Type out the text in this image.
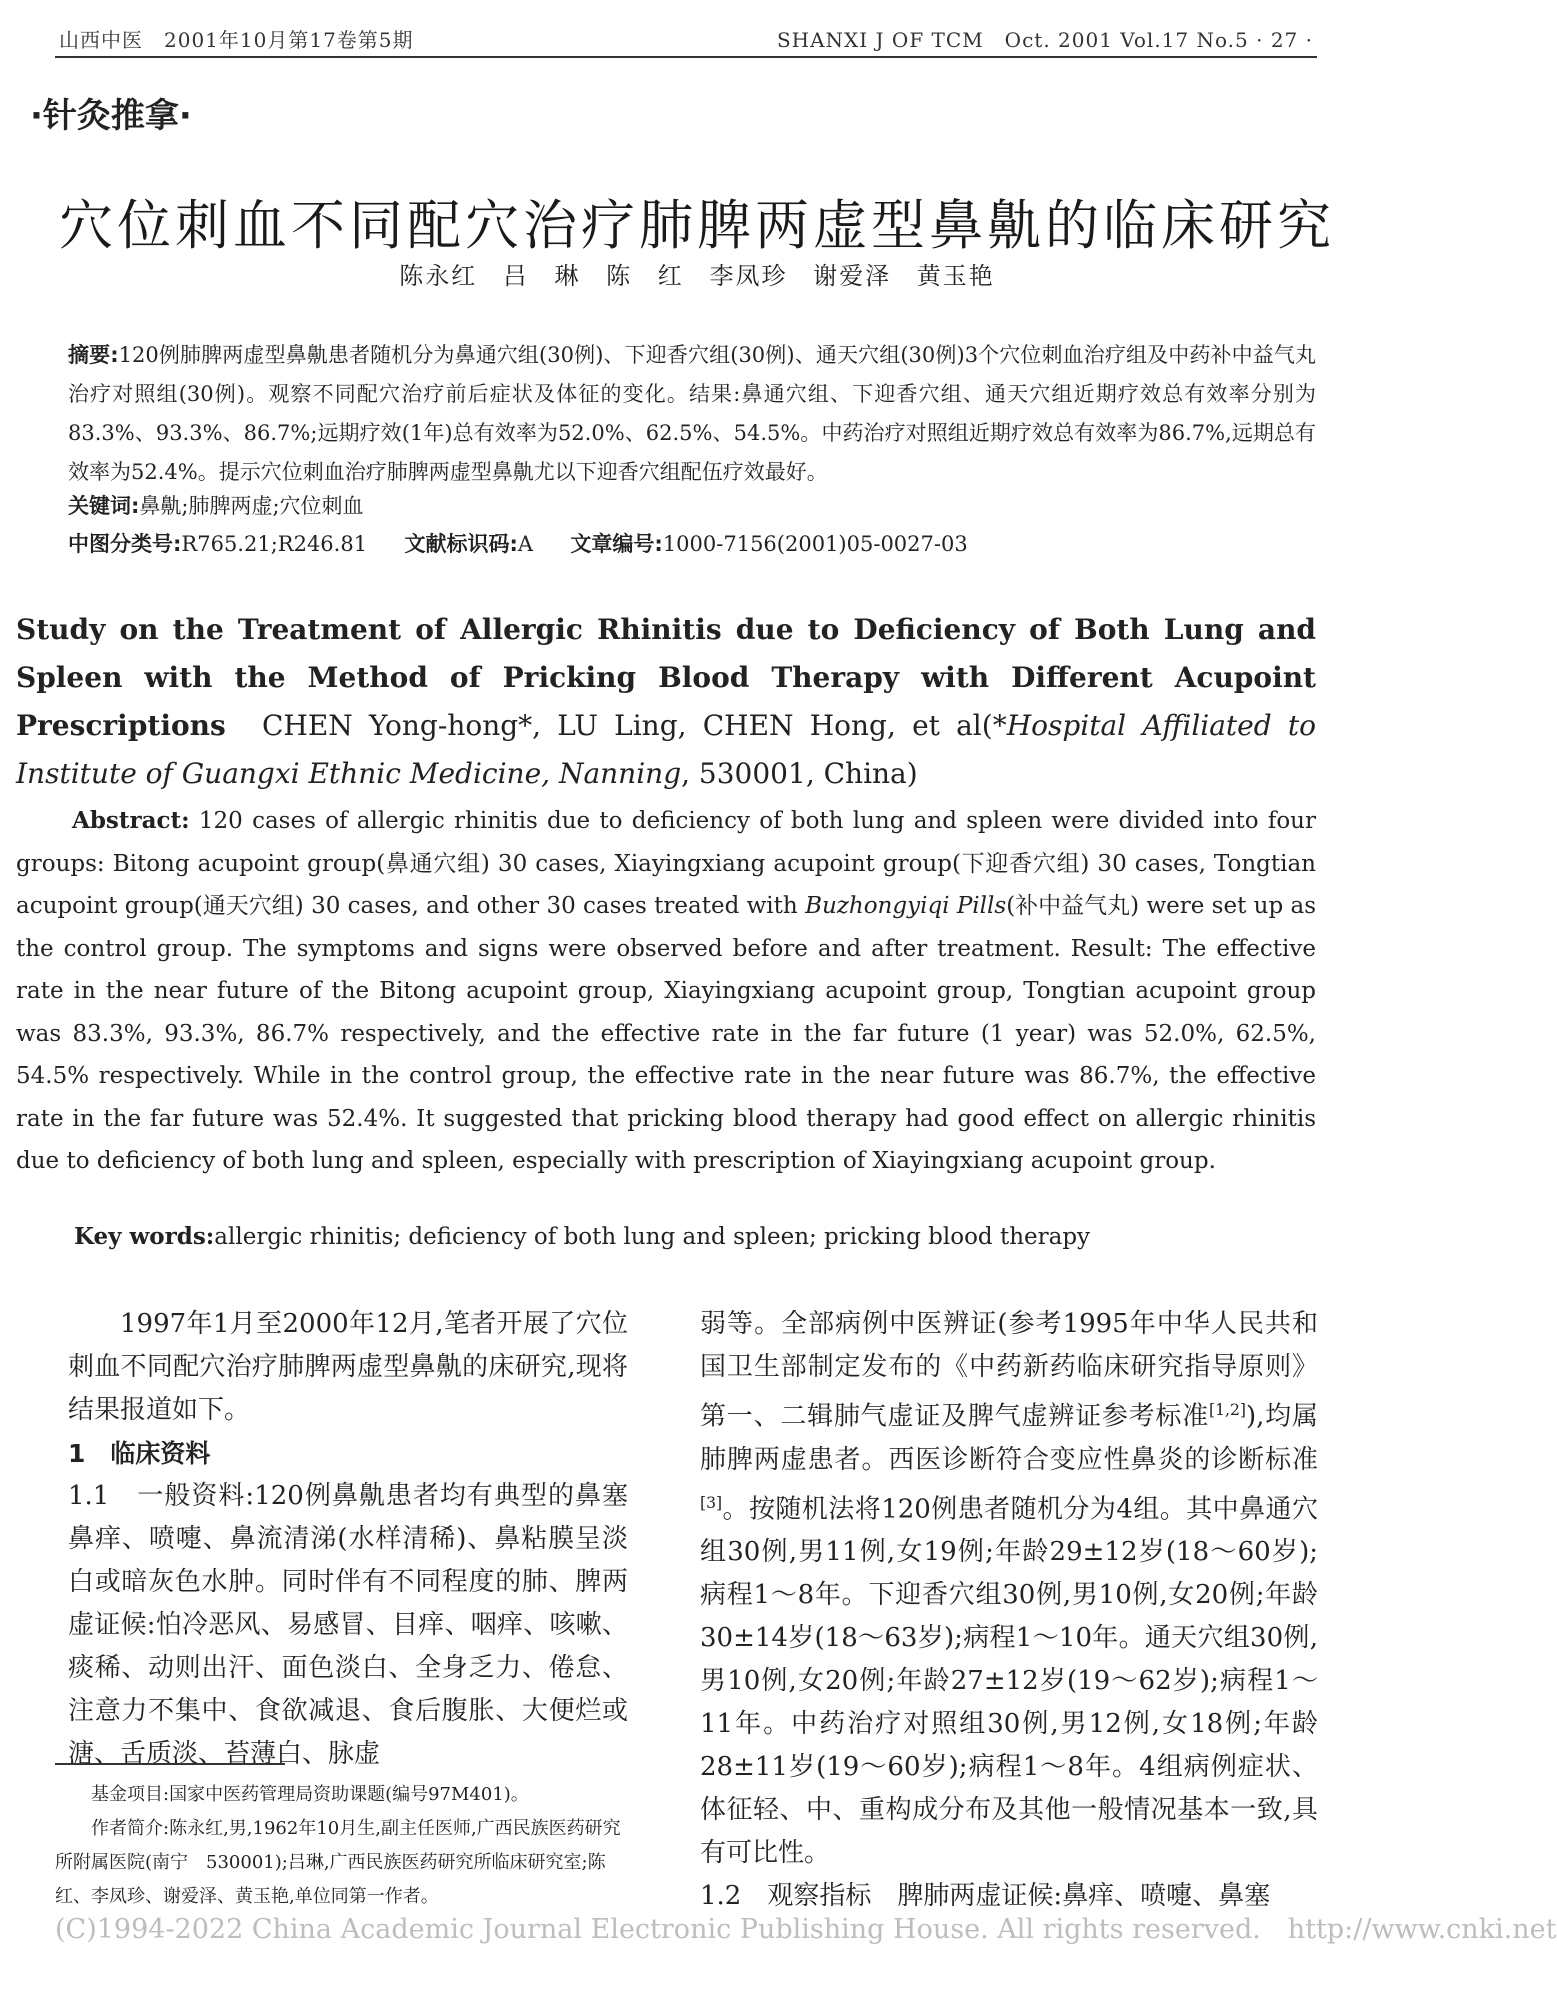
山西中医　2001年10月第17卷第5期	SHANXI J OF TCM　Oct. 2001 Vol.17 No.5 · 27 ·
·针灸推拿·
穴位刺血不同配穴治疗肺脾两虚型鼻鼽的临床研究
陈永红 吕 琳 陈 红 李凤珍 谢爱泽 黄玉艳
摘要:120例肺脾两虚型鼻鼽患者随机分为鼻通穴组(30例)、下迎香穴组(30例)、通天穴组(30例)3个穴位刺血治疗组及中药补中益气丸治疗对照组(30例)。观察不同配穴治疗前后症状及体征的变化。结果:鼻通穴组、下迎香穴组、通天穴组近期疗效总有效率分别为83.3%、93.3%、86.7%;远期疗效(1年)总有效率为52.0%、62.5%、54.5%。中药治疗对照组近期疗效总有效率为86.7%,远期总有效率为52.4%。提示穴位刺血治疗肺脾两虚型鼻鼽尤以下迎香穴组配伍疗效最好。
关键词:鼻鼽;肺脾两虚;穴位刺血
中图分类号:R765.21;R246.81 文献标识码:A 文章编号:1000-7156(2001)05-0027-03
Study on the Treatment of Allergic Rhinitis due to Deficiency of Both Lung and Spleen with the Method of Pricking Blood Therapy with Different Acupoint Prescriptions CHEN Yong-hong*, LU Ling, CHEN Hong, et al(*Hospital Affiliated to Institute of Guangxi Ethnic Medicine, Nanning, 530001, China)
Abstract: 120 cases of allergic rhinitis due to deficiency of both lung and spleen were divided into four groups: Bitong acupoint group(鼻通穴组) 30 cases, Xiayingxiang acupoint group(下迎香穴组) 30 cases, Tongtian acupoint group(通天穴组) 30 cases, and other 30 cases treated with Buzhongyiqi Pills(补中益气丸) were set up as the control group. The symptoms and signs were observed before and after treatment. Result: The effective rate in the near future of the Bitong acupoint group, Xiayingxiang acupoint group, Tongtian acupoint group was 83.3%, 93.3%, 86.7% respectively, and the effective rate in the far future (1 year) was 52.0%, 62.5%, 54.5% respectively. While in the control group, the effective rate in the near future was 86.7%, the effective rate in the far future was 52.4%. It suggested that pricking blood therapy had good effect on allergic rhinitis due to deficiency of both lung and spleen, especially with prescription of Xiayingxiang acupoint group.
Key words:allergic rhinitis; deficiency of both lung and spleen; pricking blood therapy
1997年1月至2000年12月,笔者开展了穴位刺血不同配穴治疗肺脾两虚型鼻鼽的床研究,现将结果报道如下。
1　临床资料
1.1　一般资料:120例鼻鼽患者均有典型的鼻塞鼻痒、喷嚏、鼻流清涕(水样清稀)、鼻粘膜呈淡白或暗灰色水肿。同时伴有不同程度的肺、脾两虚证候:怕冷恶风、易感冒、目痒、咽痒、咳嗽、痰稀、动则出汗、面色淡白、全身乏力、倦怠、注意力不集中、食欲减退、食后腹胀、大便烂或溏、舌质淡、苔薄白、脉虚
弱等。全部病例中医辨证(参考1995年中华人民共和国卫生部制定发布的《中药新药临床研究指导原则》第一、二辑肺气虚证及脾气虚辨证参考标准[1,2]),均属肺脾两虚患者。西医诊断符合变应性鼻炎的诊断标准[3]。按随机法将120例患者随机分为4组。其中鼻通穴组30例,男11例,女19例;年龄29±12岁(18～60岁);病程1～8年。下迎香穴组30例,男10例,女20例;年龄30±14岁(18～63岁);病程1～10年。通天穴组30例,男10例,女20例;年龄27±12岁(19～62岁);病程1～11年。中药治疗对照组30例,男12例,女18例;年龄28±11岁(19～60岁);病程1～8年。4组病例症状、体征轻、中、重构成分布及其他一般情况基本一致,具有可比性。
1.2　观察指标　脾肺两虚证候:鼻痒、喷嚏、鼻塞
基金项目:国家中医药管理局资助课题(编号97M401)。
作者简介:陈永红,男,1962年10月生,副主任医师,广西民族医药研究所附属医院(南宁　530001);吕琳,广西民族医药研究所临床研究室;陈红、李凤珍、谢爱泽、黄玉艳,单位同第一作者。
(C)1994-2022 China Academic Journal Electronic Publishing House. All rights reserved.　http://www.cnki.net
